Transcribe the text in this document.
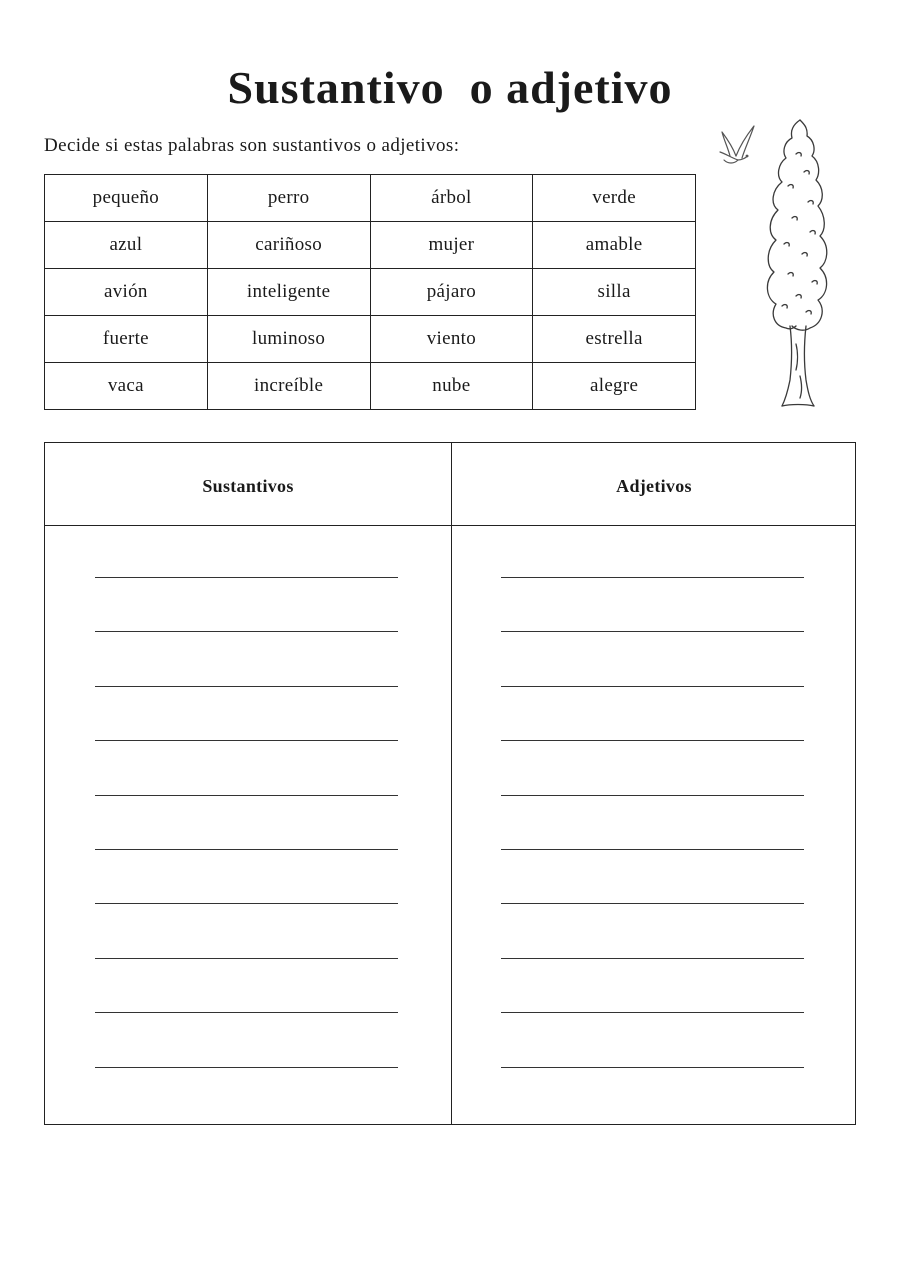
Sustantivo  o adjetivo

Decide si estas palabras son sustantivos o adjetivos:

pequeño	perro	árbol	verde
azul	cariñoso	mujer	amable
avión	inteligente	pájaro	silla
fuerte	luminoso	viento	estrella
vaca	increíble	nube	alegre
Sustantivos	Adjetivos
